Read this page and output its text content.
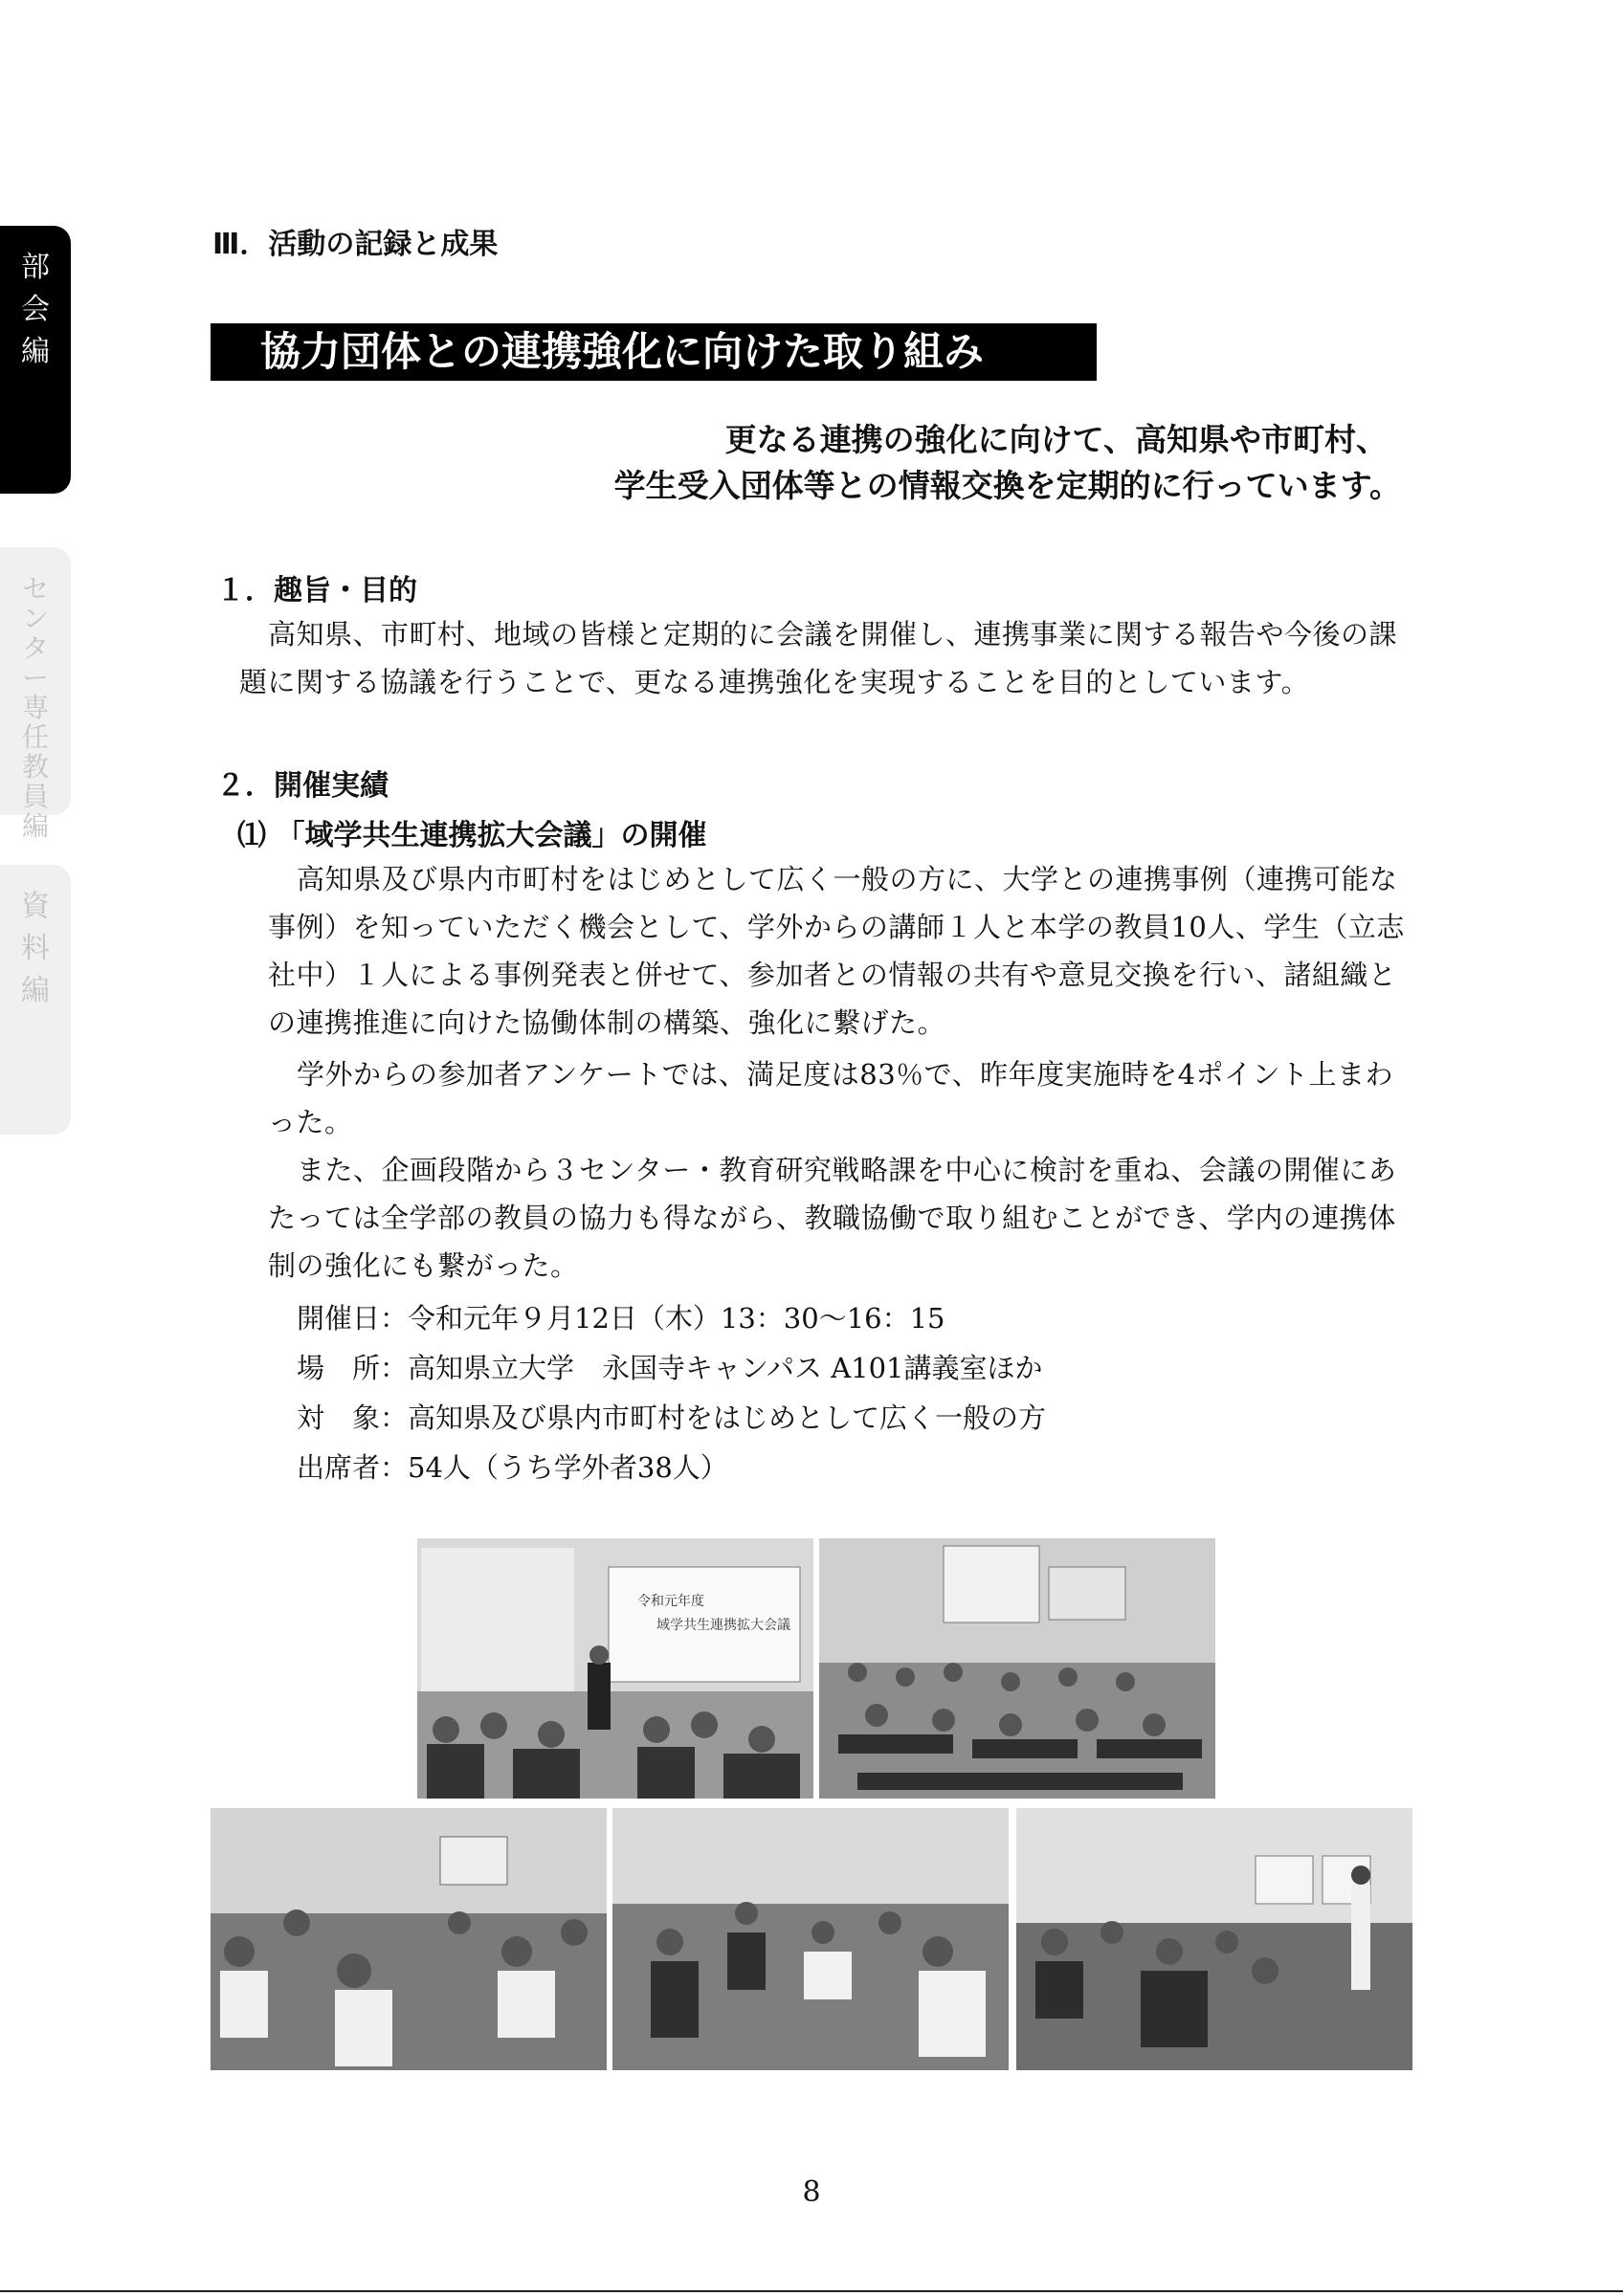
部
会
編
セ
ン
タ
ー
専
任
教
員
編
資
料
編
Ⅲ．活動の記録と成果
協力団体との連携強化に向けた取り組み
更なる連携の強化に向けて、高知県や市町村、
学生受入団体等との情報交換を定期的に行っています。
１．趣旨・目的
高知県、市町村、地域の皆様と定期的に会議を開催し、連携事業に関する報告や今後の課題に関する協議を行うことで、更なる連携強化を実現することを目的としています。
２．開催実績
⑴ 「域学共生連携拡大会議」の開催
高知県及び県内市町村をはじめとして広く一般の方に、大学との連携事例（連携可能な事例）を知っていただく機会として、学外からの講師１人と本学の教員10人、学生（立志社中）１人による事例発表と併せて、参加者との情報の共有や意見交換を行い、諸組織との連携推進に向けた協働体制の構築、強化に繋げた。
学外からの参加者アンケートでは、満足度は83％で、昨年度実施時を4ポイント上まわった。
また、企画段階から３センター・教育研究戦略課を中心に検討を重ね、会議の開催にあたっては全学部の教員の協力も得ながら、教職協働で取り組むことができ、学内の連携体制の強化にも繋がった。
開催日：令和元年９月12日（木）13：30～16：15
場　所：高知県立大学　永国寺キャンパス A101講義室ほか
対　象：高知県及び県内市町村をはじめとして広く一般の方
出席者：54人（うち学外者38人）
令和元年度
域学共生連携拡大会議
8
